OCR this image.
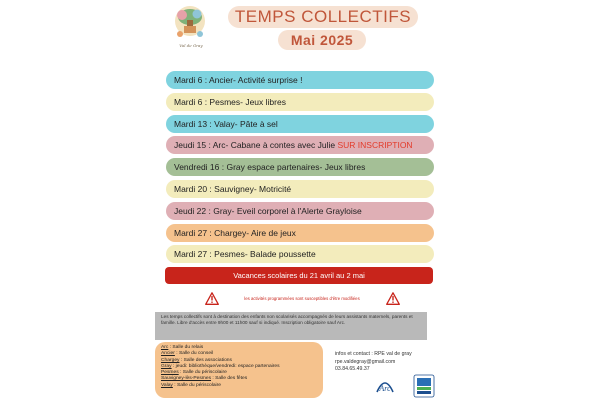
Val de Gray
TEMPS COLLECTIFS
Mai 2025
Mardi 6 : Ancier- Activité surprise !
Mardi 6 : Pesmes- Jeux libres
Mardi 13 : Valay- Pâte à sel
Jeudi 15 : Arc- Cabane à contes avec Julie SUR INSCRIPTION
Vendredi 16 : Gray espace partenaires- Jeux libres
Mardi 20 : Sauvigney- Motricité
Jeudi 22 : Gray- Eveil corporel à l'Alerte Grayloise
Mardi 27 : Chargey- Aire de jeux
Mardi 27 : Pesmes- Balade poussette
Vacances scolaires du 21 avril au 2 mai
les activités programmées sont susceptibles d'être modifiées
Les temps collectifs sont à destination des enfants non scolarisés accompagnés de leurs assistants maternels, parents et famille. Libre d'accès entre 9h00 et 11h00 sauf si indiqué. Inscription obligatoire sauf Arc.
Arc : Salle du relais
Ancier : Salle du conseil
Chargey : Salle des associations
Gray : jeudi: bibliothèque/vendredi: espace partenaires
Pesmes : Salle du périscolaire
Sauvigney-lès-Pesmes : Salle des fêtes
Valay : Salle du périscolaire
infos et contact : RPE val de gray
rpe.valdegray@gmail.com
03.84.65.49.37
Arc
